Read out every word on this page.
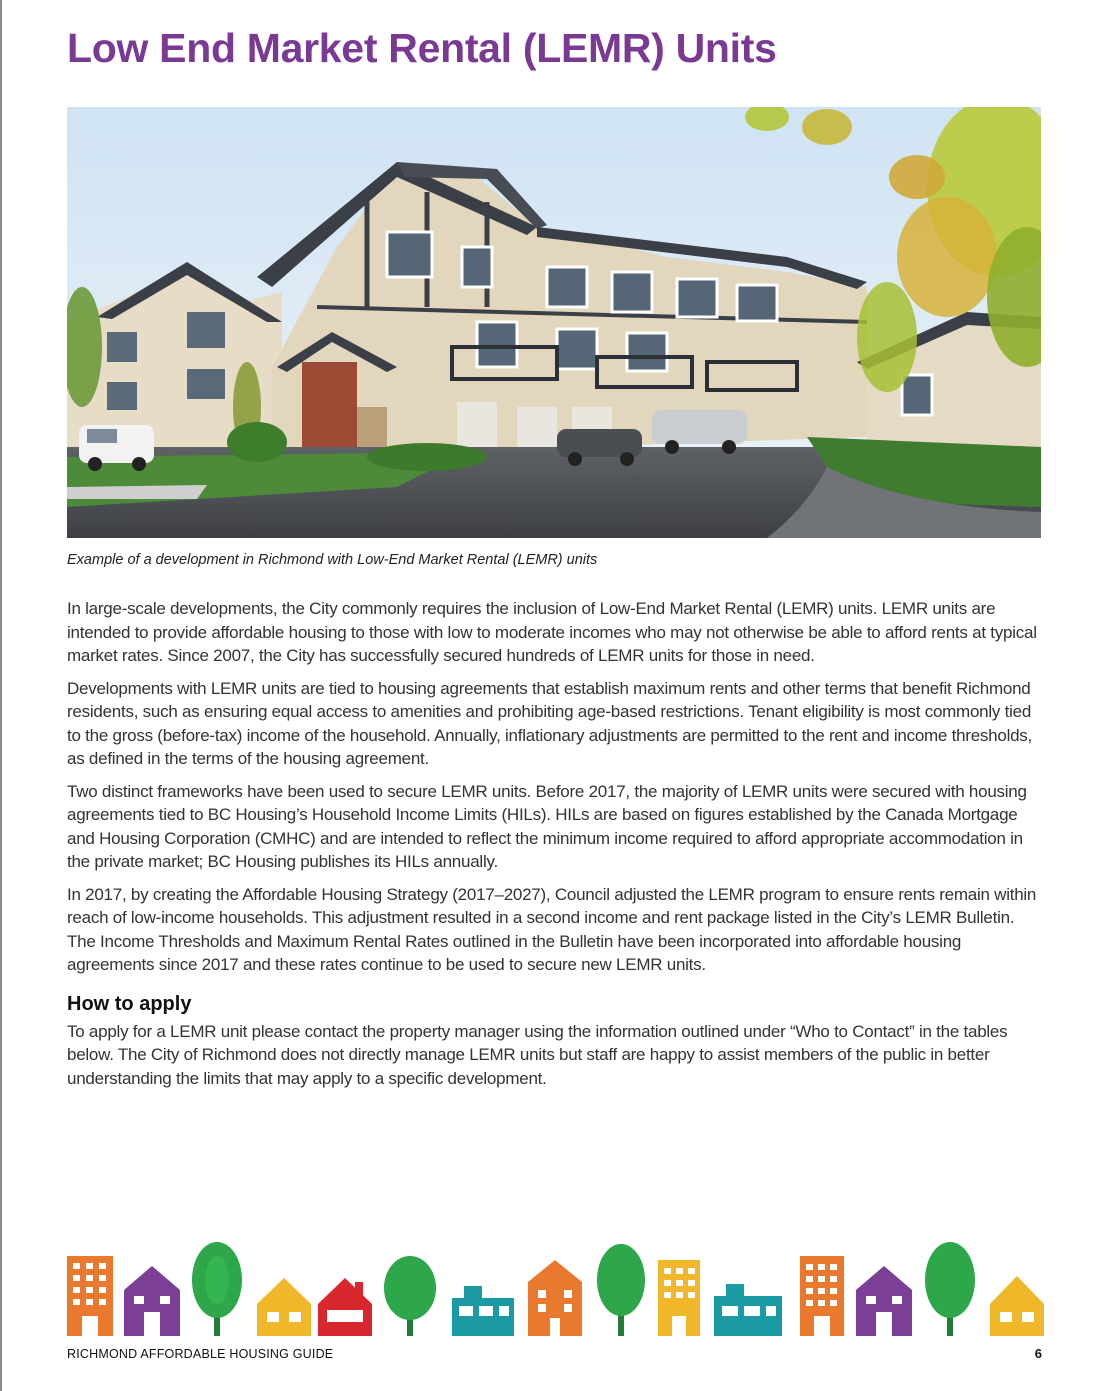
Low End Market Rental (LEMR) Units

Example of a development in Richmond with Low-End Market Rental (LEMR) units

In large-scale developments, the City commonly requires the inclusion of Low-End Market Rental (LEMR) units. LEMR units are intended to provide affordable housing to those with low to moderate incomes who may not otherwise be able to afford rents at typical market rates. Since 2007, the City has successfully secured hundreds of LEMR units for those in need.

Developments with LEMR units are tied to housing agreements that establish maximum rents and other terms that benefit Richmond residents, such as ensuring equal access to amenities and prohibiting age-based restrictions. Tenant eligibility is most commonly tied to the gross (before-tax) income of the household. Annually, inflationary adjustments are permitted to the rent and income thresholds, as defined in the terms of the housing agreement.

Two distinct frameworks have been used to secure LEMR units. Before 2017, the majority of LEMR units were secured with housing agreements tied to BC Housing’s Household Income Limits (HILs). HILs are based on figures established by the Canada Mortgage and Housing Corporation (CMHC) and are intended to reflect the minimum income required to afford appropriate accommodation in the private market; BC Housing publishes its HILs annually.

In 2017, by creating the Affordable Housing Strategy (2017–2027), Council adjusted the LEMR program to ensure rents remain within reach of low-income households. This adjustment resulted in a second income and rent package listed in the City’s LEMR Bulletin. The Income Thresholds and Maximum Rental Rates outlined in the Bulletin have been incorporated into affordable housing agreements since 2017 and these rates continue to be used to secure new LEMR units.

How to apply

To apply for a LEMR unit please contact the property manager using the information outlined under “Who to Contact” in the tables below. The City of Richmond does not directly manage LEMR units but staff are happy to assist members of the public in better understanding the limits that may apply to a specific development.

RICHMOND AFFORDABLE HOUSING GUIDE	6
